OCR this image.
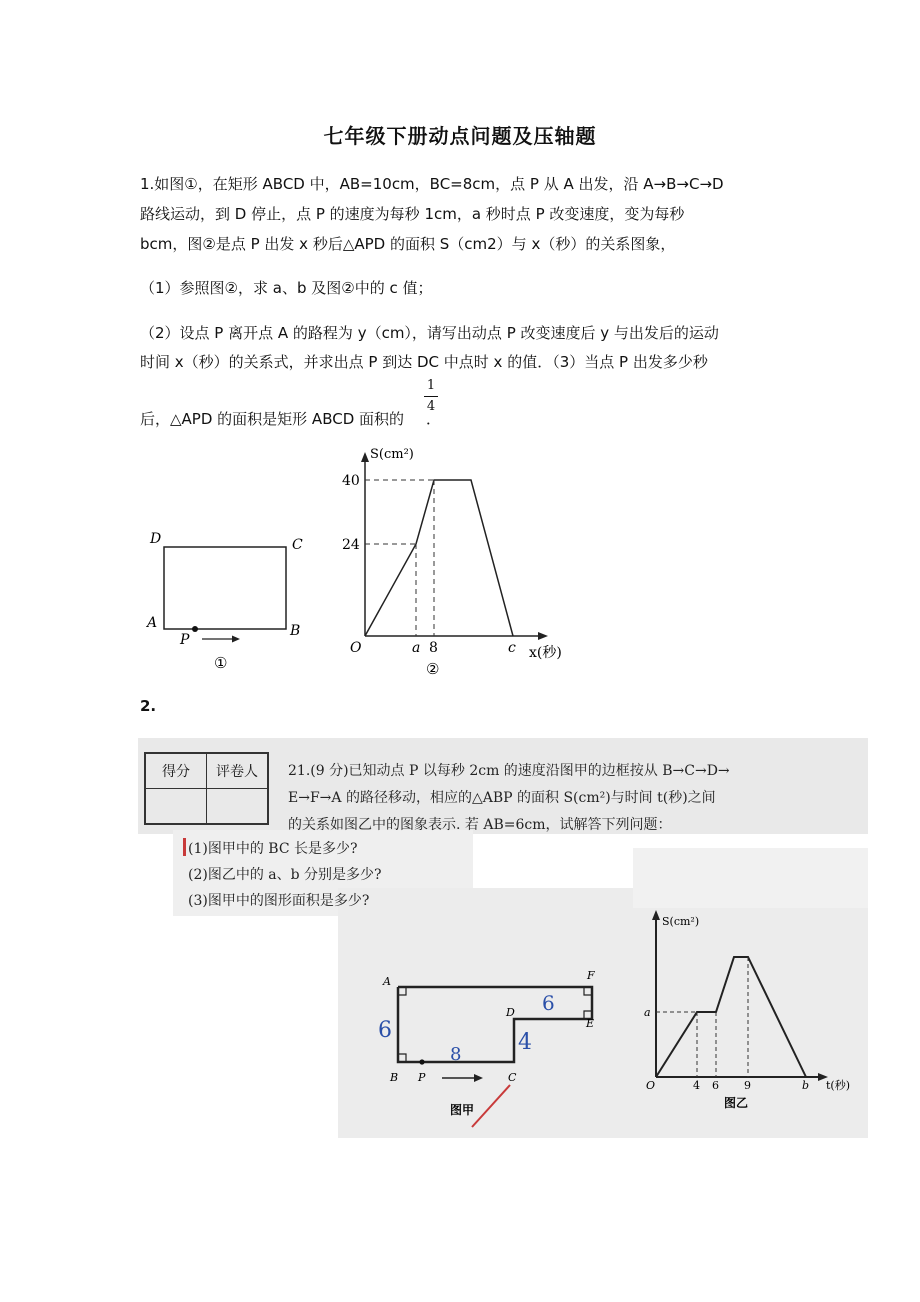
七年级下册动点问题及压轴题
1.如图①，在矩形 ABCD 中，AB=10cm，BC=8cm，点 P 从 A 出发，沿 A→B→C→D
路线运动，到 D 停止，点 P 的速度为每秒 1cm，a 秒时点 P 改变速度，变为每秒
bcm，图②是点 P 出发 x 秒后△APD 的面积 S（cm2）与 x（秒）的关系图象，
（1）参照图②，求 a、b 及图②中的 c 值；
（2）设点 P 离开点 A 的路程为 y（cm），请写出动点 P 改变速度后 y 与出发后的运动
时间 x（秒）的关系式，并求出点 P 到达 DC 中点时 x 的值．（3）当点 P 出发多少秒
后，△APD 的面积是矩形 ABCD 面积的 ．
1
4
D	C
A	B
P
①
S(cm²)
40
24
O	a 8	c x(秒)
②
2.
得分	评卷人
	21.(9 分)已知动点 P 以每秒 2cm 的速度沿图甲的边框按从 B→C→D→
E→F→A 的路径移动，相应的△ABP 的面积 S(cm²)与时间 t(秒)之间
的关系如图乙中的图象表示. 若 AB=6cm，试解答下列问题：
(1)图甲中的 BC 长是多少?
(2)图乙中的 a、b 分别是多少?
(3)图甲中的图形面积是多少?
A
B P	C
D
E
F
6
8	4
6
图甲
S(cm²)
a
O	4 6 9	b t(秒)
图乙
